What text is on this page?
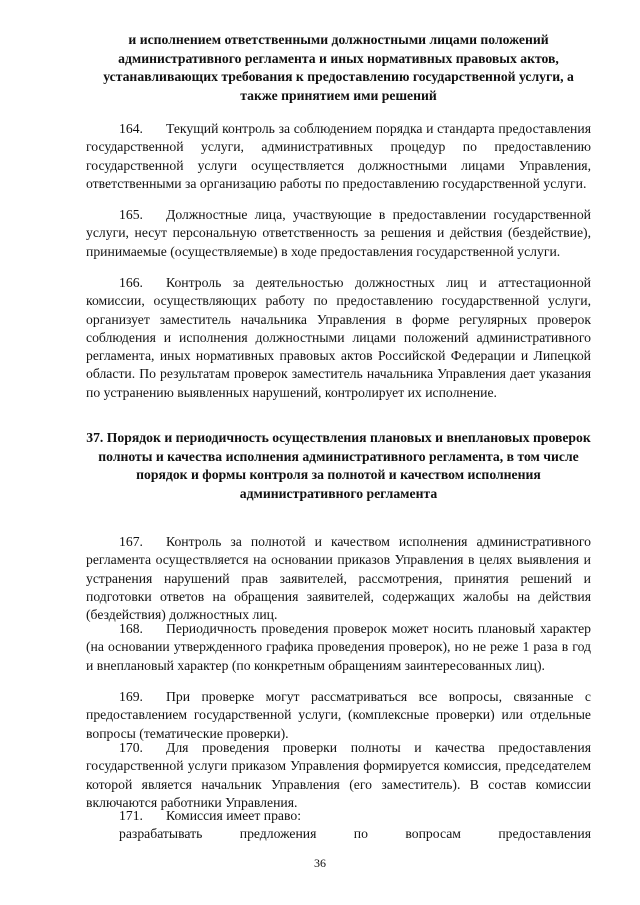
и исполнением ответственными должностными лицами положений административного регламента и иных нормативных правовых актов, устанавливающих требования к предоставлению государственной услуги, а также принятием ими решений

164. Текущий контроль за соблюдением порядка и стандарта предоставления государственной услуги, административных процедур по предоставлению государственной услуги осуществляется должностными лицами Управления, ответственными за организацию работы по предоставлению государственной услуги.

165. Должностные лица, участвующие в предоставлении государственной услуги, несут персональную ответственность за решения и действия (бездействие), принимаемые (осуществляемые) в ходе предоставления государственной услуги.

166. Контроль за деятельностью должностных лиц и аттестационной комиссии, осуществляющих работу по предоставлению государственной услуги, организует заместитель начальника Управления в форме регулярных проверок соблюдения и исполнения должностными лицами положений административного регламента, иных нормативных правовых актов Российской Федерации и Липецкой области. По результатам проверок заместитель начальника Управления дает указания по устранению выявленных нарушений, контролирует их исполнение.

37. Порядок и периодичность осуществления плановых и внеплановых проверок полноты и качества исполнения административного регламента, в том числе порядок и формы контроля за полнотой и качеством исполнения административного регламента

167. Контроль за полнотой и качеством исполнения административного регламента осуществляется на основании приказов Управления в целях выявления и устранения нарушений прав заявителей, рассмотрения, принятия решений и подготовки ответов на обращения заявителей, содержащих жалобы на действия (бездействия) должностных лиц.

168. Периодичность проведения проверок может носить плановый характер (на основании утвержденного графика проведения проверок), но не реже 1 раза в год и внеплановый характер (по конкретным обращениям заинтересованных лиц).

169. При проверке могут рассматриваться все вопросы, связанные с предоставлением государственной услуги, (комплексные проверки) или отдельные вопросы (тематические проверки).

170. Для проведения проверки полноты и качества предоставления государственной услуги приказом Управления формируется комиссия, председателем которой является начальник Управления (его заместитель). В состав комиссии включаются работники Управления.

171. Комиссия имеет право:

разрабатывать предложения по вопросам предоставления

36
